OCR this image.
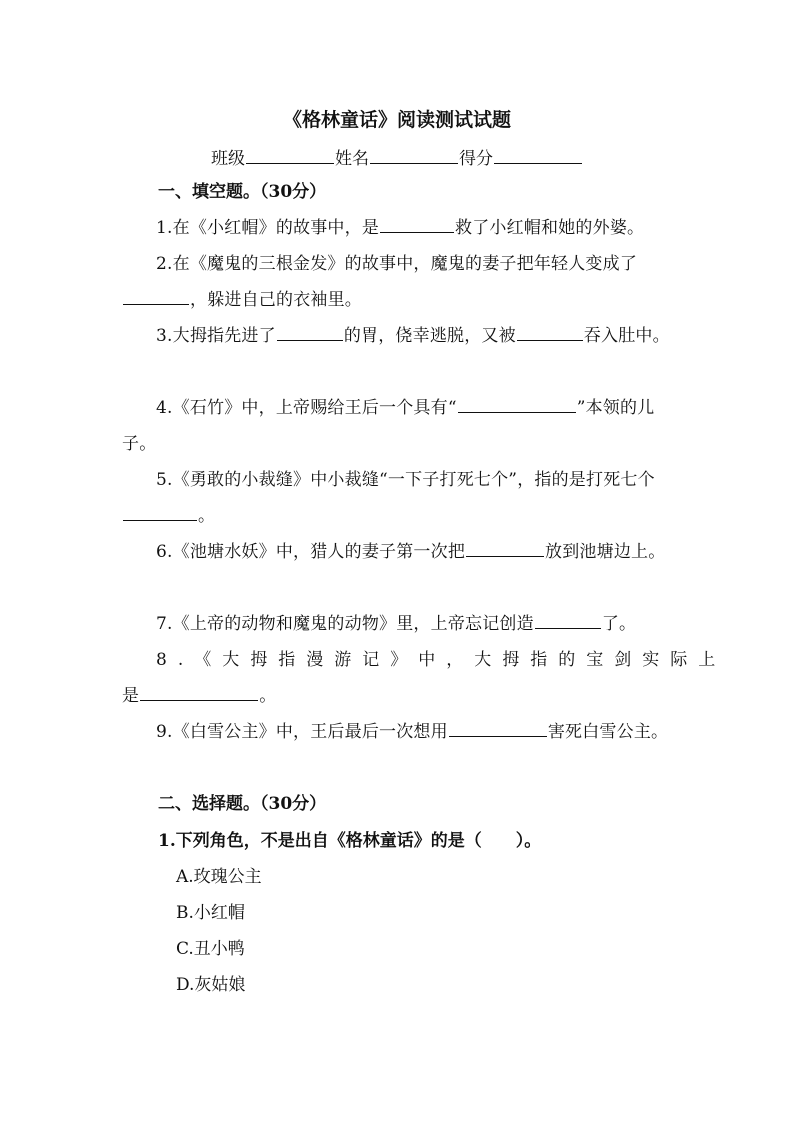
《格林童话》阅读测试试题
班级	姓名	得分
一、填空题。（30分）
1.在《小红帽》的故事中，是	救了小红帽和她的外婆。
2.在《魔鬼的三根金发》的故事中，魔鬼的妻子把年轻人变成了，躲进自己的衣袖里。
3.大拇指先进了	的胃，侥幸逃脱，又被	吞入肚中。
4.《石竹》中，上帝赐给王后一个具有“	”本领的儿子。
5.《勇敢的小裁缝》中小裁缝“一下子打死七个”，指的是打死七个。
6.《池塘水妖》中，猎人的妻子第一次把	放到池塘边上。
7.《上帝的动物和魔鬼的动物》里，上帝忘记创造	了。
8.《大拇指漫游记》中，大拇指的宝剑实际上
是	。
9.《白雪公主》中，王后最后一次想用	害死白雪公主。
二、选择题。（30分）
1.下列角色，不是出自《格林童话》的是（　　）。
A.玫瑰公主
B.小红帽
C.丑小鸭
D.灰姑娘
